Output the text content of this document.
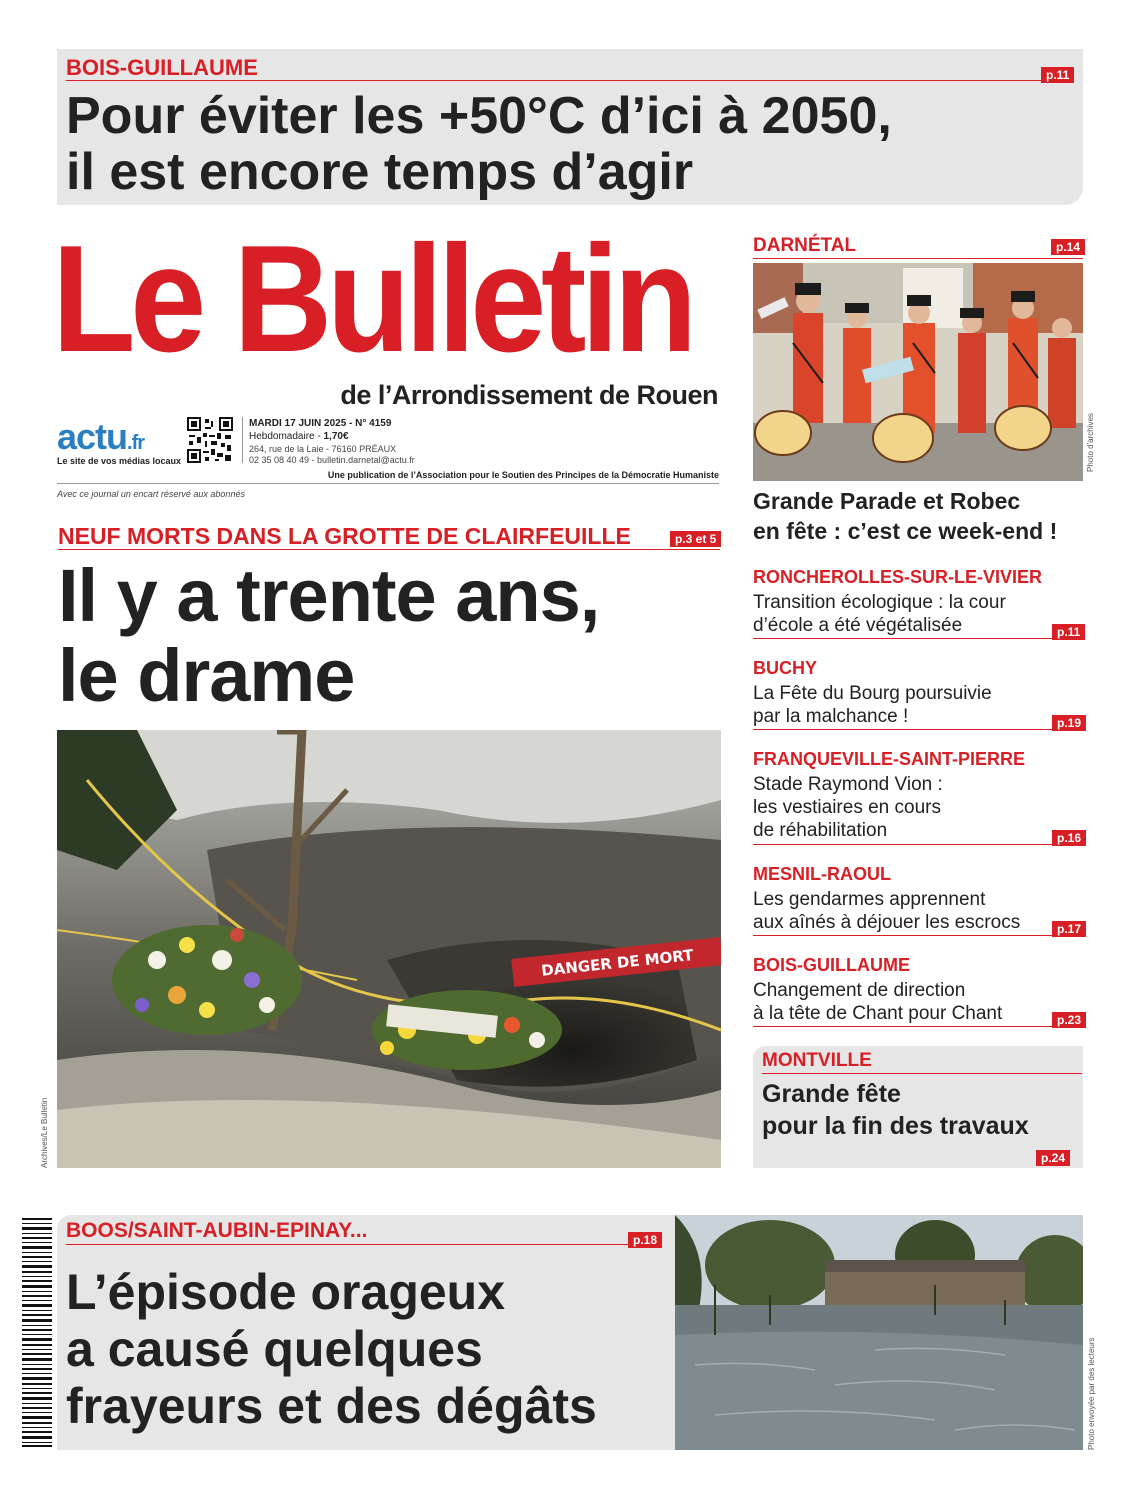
BOIS-GUILLAUME	p.11
Pour éviter les +50°C d’ici à 2050,
il est encore temps d’agir
Le Bulletin
de l’Arrondissement de Rouen
actu.fr
Le site de vos médias locaux
MARDI 17 JUIN 2025 - N° 4159
Hebdomadaire - 1,70€
264, rue de la Laie - 76160 PRÉAUX
02 35 08 40 49 - bulletin.darnetal@actu.fr
Une publication de l’Association pour le Soutien des Principes de la Démocratie Humaniste
Avec ce journal un encart réservé aux abonnés
NEUF MORTS DANS LA GROTTE DE CLAIRFEUILLE	p.3 et 5
Il y a trente ans,
le drame
DANGER DE MORT
Archives/Le Bulletin
DARNÉTAL	p.14
Photo d'archives
Grande Parade et Robec
en fête : c’est ce week-end !
RONCHEROLLES-SUR-LE-VIVIER
Transition écologique : la cour
d’école a été végétalisée	p.11
BUCHY
La Fête du Bourg poursuivie
par la malchance !	p.19
FRANQUEVILLE-SAINT-PIERRE
Stade Raymond Vion :
les vestiaires en cours
de réhabilitation	p.16
MESNIL-RAOUL
Les gendarmes apprennent
aux aînés à déjouer les escrocs	p.17
BOIS-GUILLAUME
Changement de direction
à la tête de Chant pour Chant	p.23
MONTVILLE
Grande fête
pour la fin des travaux
p.24
BOOS/SAINT-AUBIN-EPINAY...	p.18
L’épisode orageux
a causé quelques
frayeurs et des dégâts	Photo envoyée par des lecteurs
